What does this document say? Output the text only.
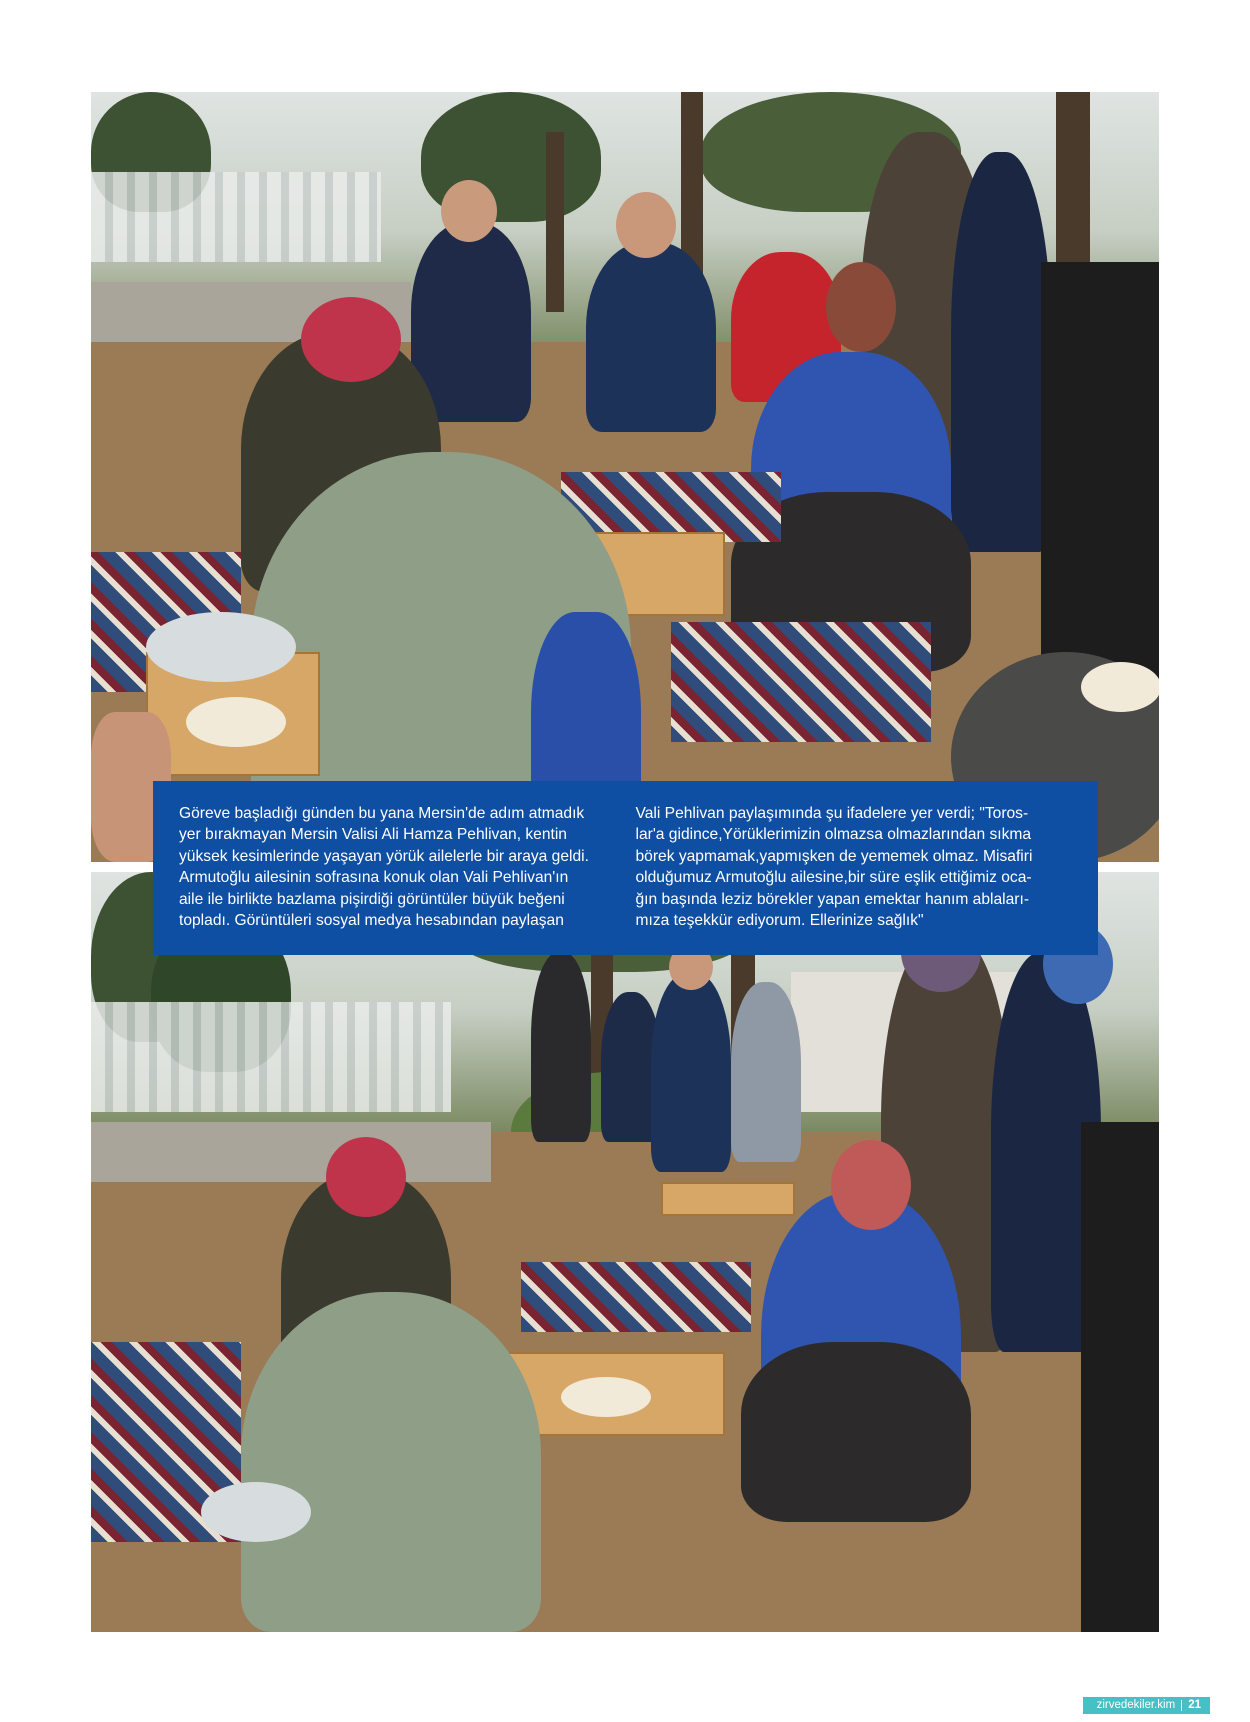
Göreve başladığı günden bu yana Mersin'de adım atmadık
yer bırakmayan Mersin Valisi Ali Hamza Pehlivan, kentin
yüksek kesimlerinde yaşayan yörük ailelerle bir araya geldi.
Armutoğlu ailesinin sofrasına konuk olan Vali Pehlivan'ın
aile ile birlikte bazlama pişirdiği görüntüler büyük beğeni
topladı. Görüntüleri sosyal medya hesabından paylaşan
Vali Pehlivan paylaşımında şu ifadelere yer verdi; "Toros-
lar'a gidince,Yörüklerimizin olmazsa olmazlarından sıkma
börek yapmamak,yapmışken de yememek olmaz. Misafiri
olduğumuz Armutoğlu ailesine,bir süre eşlik ettiğimiz oca-
ğın başında leziz börekler yapan emektar hanım ablaları-
mıza teşekkür ediyorum. Ellerinize sağlık"
zirvedekiler.kim 21
